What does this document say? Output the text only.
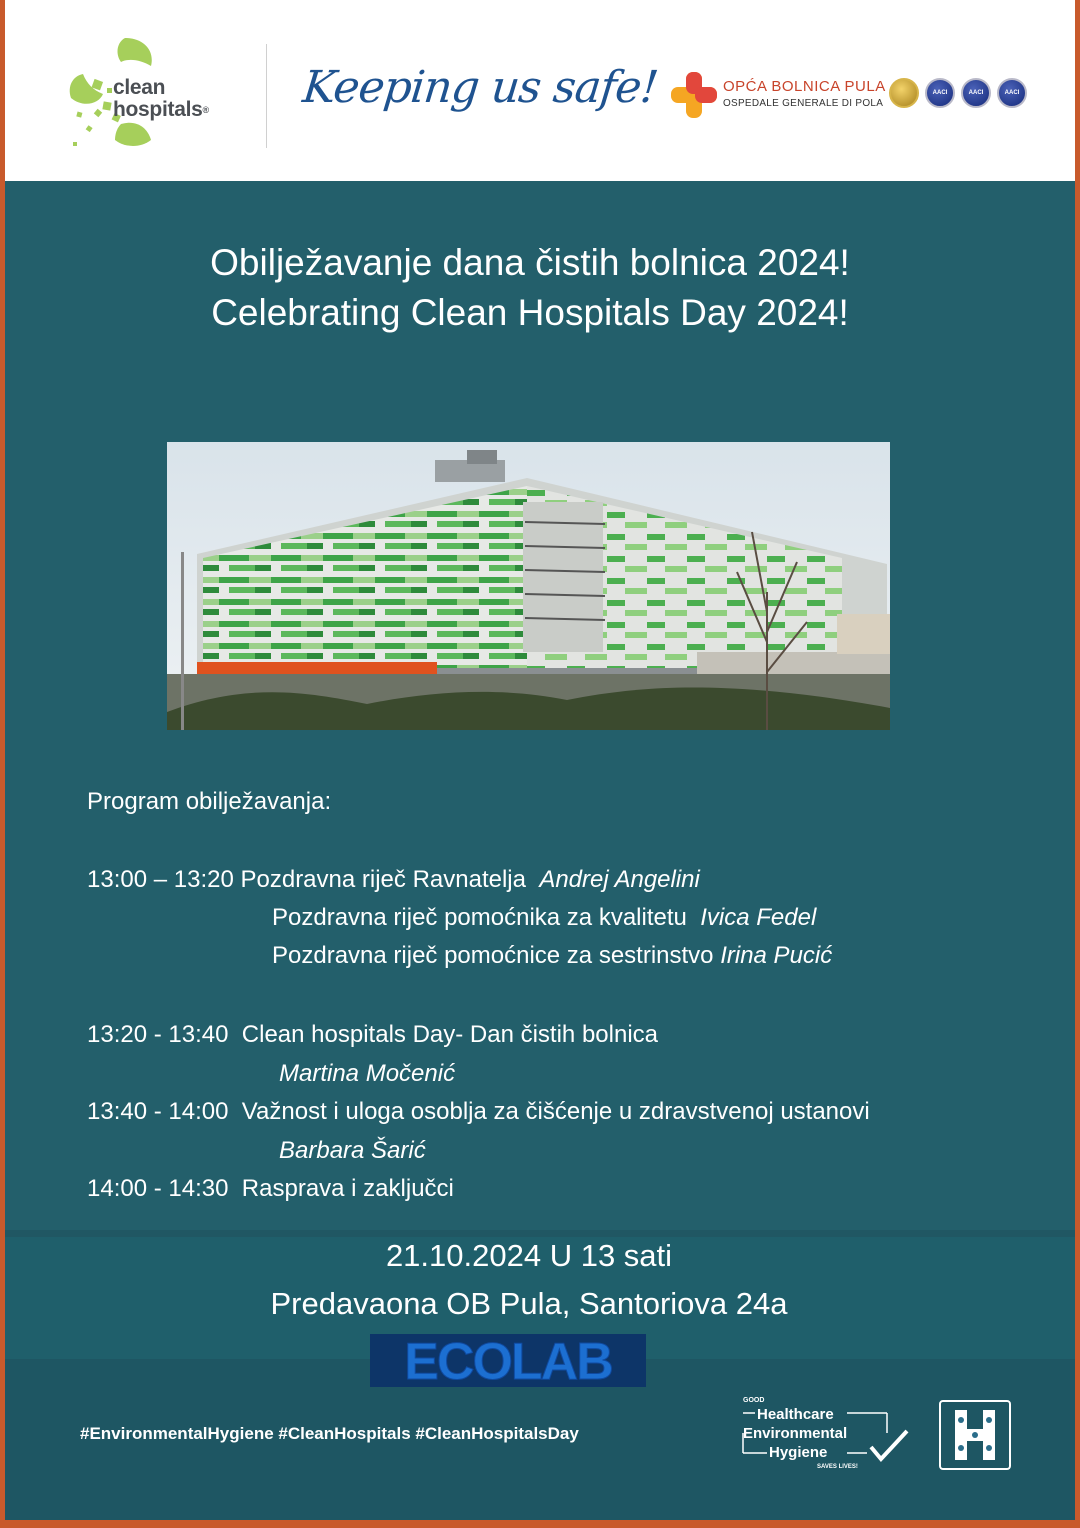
clean
hospitals® Keeping us safe!	OPĆA BOLNICA PULA
OSPEDALE GENERALE DI POLA
AACI	AACI	AACI
Obilježavanje dana čistih bolnica 2024!
Celebrating Clean Hospitals Day 2024!
Program obilježavanja:
13:00 – 13:20 Pozdravna riječ Ravnatelja Andrej Angelini
Pozdravna riječ pomoćnika za kvalitetu Ivica Fedel
Pozdravna riječ pomoćnice za sestrinstvo Irina Pucić
13:20 - 13:40 Clean hospitals Day- Dan čistih bolnica
Martina Močenić
13:40 - 14:00 Važnost i uloga osoblja za čišćenje u zdravstvenoj ustanovi
Barbara Šarić
14:00 - 14:30 Rasprava i zaključci
21.10.2024 U 13 sati
Predavaona OB Pula, Santoriova 24a
ECOLAB
#EnvironmentalHygiene #CleanHospitals #CleanHospitalsDay
GOOD
Healthcare
Environmental
Hygiene
SAVES LIVES!
